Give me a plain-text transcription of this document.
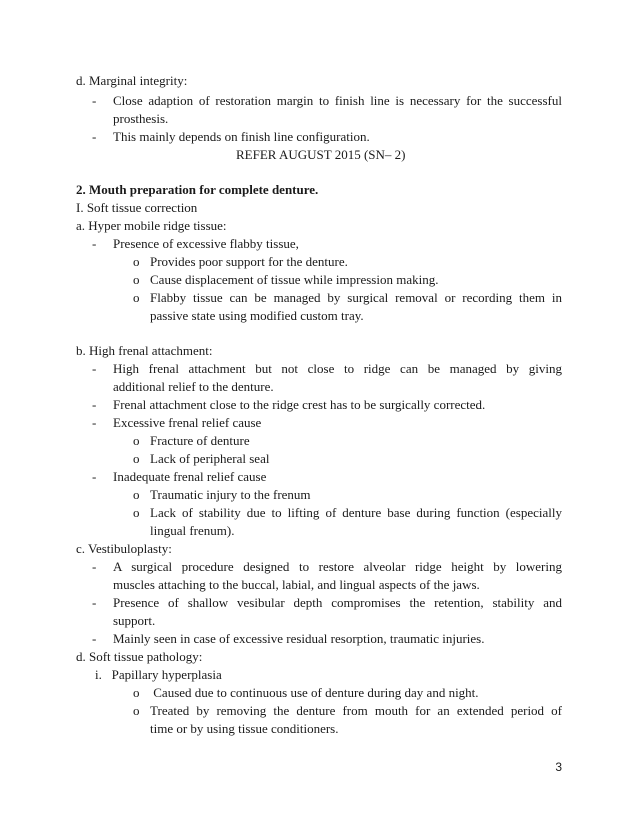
d. Marginal integrity:
- Close adaption of restoration margin to finish line is necessary for the successful
prosthesis.
- This mainly depends on finish line configuration.
REFER AUGUST 2015 (SN– 2)
2. Mouth preparation for complete denture.
I. Soft tissue correction
a. Hyper mobile ridge tissue:
- Presence of excessive flabby tissue,
o Provides poor support for the denture.
o Cause displacement of tissue while impression making.
o Flabby tissue can be managed by surgical removal or recording them in
passive state using modified custom tray.
b. High frenal attachment:
- High frenal attachment but not close to ridge can be managed by giving
additional relief to the denture.
- Frenal attachment close to the ridge crest has to be surgically corrected.
- Excessive frenal relief cause
o Fracture of denture
o Lack of peripheral seal
- Inadequate frenal relief cause
o Traumatic injury to the frenum
o Lack of stability due to lifting of denture base during function (especially
lingual frenum).
c. Vestibuloplasty:
- A surgical procedure designed to restore alveolar ridge height by lowering
muscles attaching to the buccal, labial, and lingual aspects of the jaws.
- Presence of shallow vesibular depth compromises the retention, stability and
support.
- Mainly seen in case of excessive residual resorption, traumatic injuries.
d. Soft tissue pathology:
i.   Papillary hyperplasia
o Caused due to continuous use of denture during day and night.
o Treated by removing the denture from mouth for an extended period of
time or by using tissue conditioners.
3
